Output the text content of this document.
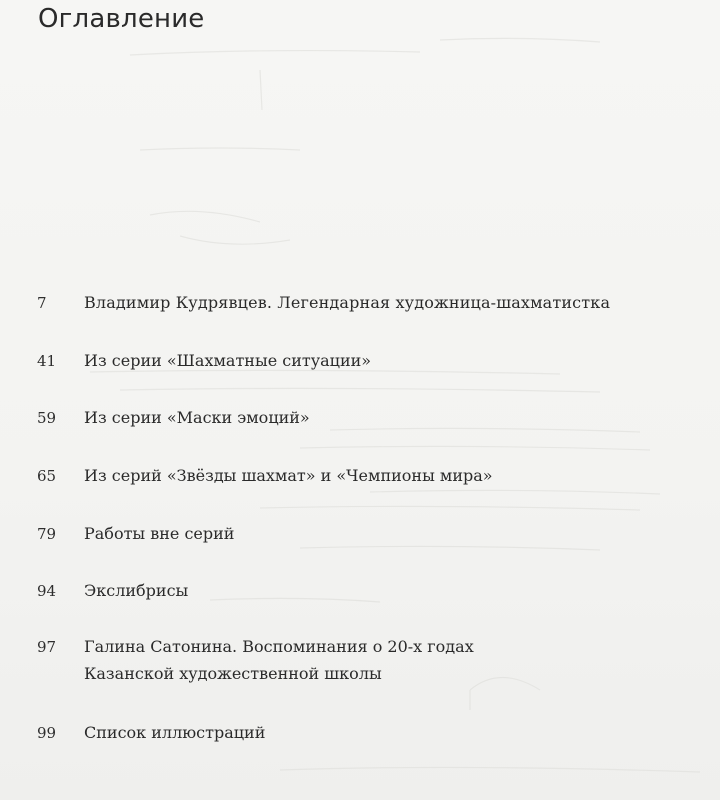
Оглавление
7 Владимир Кудрявцев. Легендарная художница-шахматистка
41 Из серии «Шахматные ситуации»
59 Из серии «Маски эмоций»
65 Из серий «Звёзды шахмат» и «Чемпионы мира»
79 Работы вне серий
94 Экслибрисы
97 Галина Сатонина. Воспоминания о 20-х годах
Казанской художественной школы
99 Список иллюстраций
